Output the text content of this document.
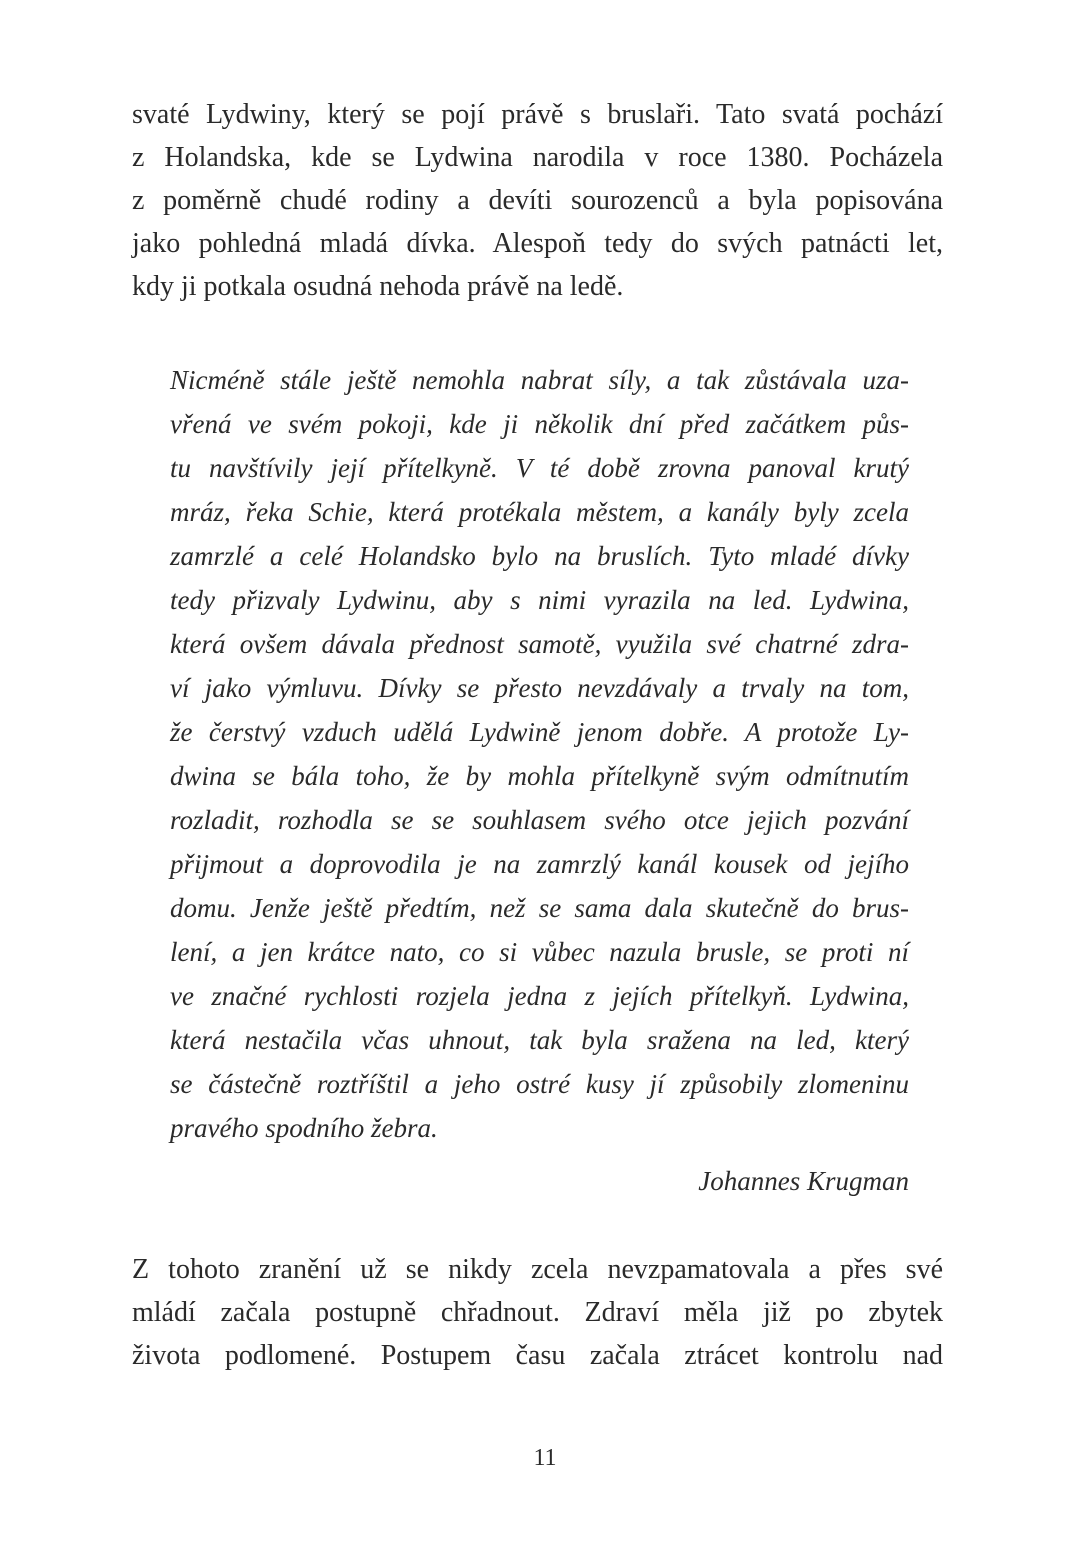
svaté Lydwiny, který se pojí právě s bruslaři. Tato svatá pochází
z Holandska, kde se Lydwina narodila v roce 1380. Pocházela
z poměrně chudé rodiny a devíti sourozenců a byla popisována
jako pohledná mladá dívka. Alespoň tedy do svých patnácti let,
kdy ji potkala osudná nehoda právě na ledě.
Nicméně stále ještě nemohla nabrat síly, a tak zůstávala uza-
vřená ve svém pokoji, kde ji několik dní před začátkem půs-
tu navštívily její přítelkyně. V té době zrovna panoval krutý
mráz, řeka Schie, která protékala městem, a kanály byly zcela
zamrzlé a celé Holandsko bylo na bruslích. Tyto mladé dívky
tedy přizvaly Lydwinu, aby s nimi vyrazila na led. Lydwina,
která ovšem dávala přednost samotě, využila své chatrné zdra-
ví jako výmluvu. Dívky se přesto nevzdávaly a trvaly na tom,
že čerstvý vzduch udělá Lydwině jenom dobře. A protože Ly-
dwina se bála toho, že by mohla přítelkyně svým odmítnutím
rozladit, rozhodla se se souhlasem svého otce jejich pozvání
přijmout a doprovodila je na zamrzlý kanál kousek od jejího
domu. Jenže ještě předtím, než se sama dala skutečně do brus-
lení, a jen krátce nato, co si vůbec nazula brusle, se proti ní
ve značné rychlosti rozjela jedna z jejích přítelkyň. Lydwina,
která nestačila včas uhnout, tak byla sražena na led, který
se částečně roztříštil a jeho ostré kusy jí způsobily zlomeninu
pravého spodního žebra.
Johannes Krugman
Z tohoto zranění už se nikdy zcela nevzpamatovala a přes své
mládí začala postupně chřadnout. Zdraví měla již po zbytek
života podlomené. Postupem času začala ztrácet kontrolu nad
11
